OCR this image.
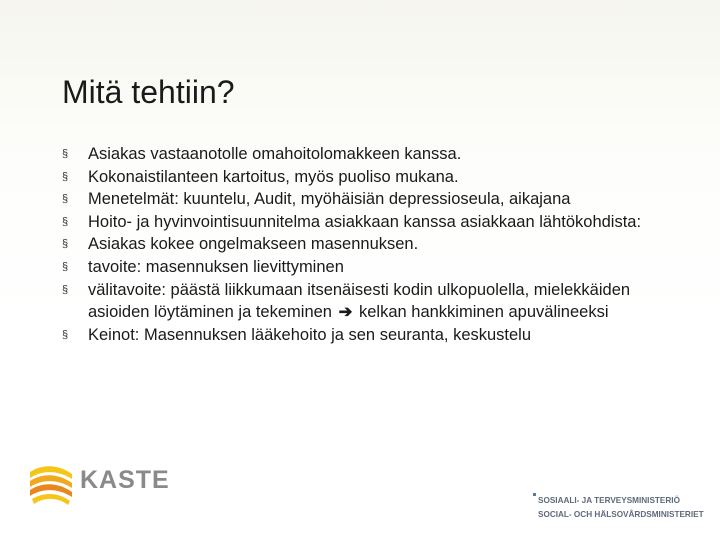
Mitä tehtiin?
§ Asiakas vastaanotolle omahoitolomakkeen kanssa.
§ Kokonaistilanteen kartoitus, myös puoliso mukana.
§ Menetelmät: kuuntelu, Audit, myöhäisiän depressioseula, aikajana
§ Hoito- ja hyvinvointisuunnitelma asiakkaan kanssa asiakkaan lähtökohdista:
§ Asiakas kokee ongelmakseen masennuksen.
§ tavoite: masennuksen lievittyminen
§ välitavoite: päästä liikkumaan itsenäisesti kodin ulkopuolella, mielekkäiden asioiden löytäminen ja tekeminen ➔ kelkan hankkiminen apuvälineeksi
§ Keinot: Masennuksen lääkehoito ja sen seuranta, keskustelu
KASTE
SOSIAALI- JA TERVEYSMINISTERIÖ
SOCIAL- OCH HÄLSOVÅRDSMINISTERIET
